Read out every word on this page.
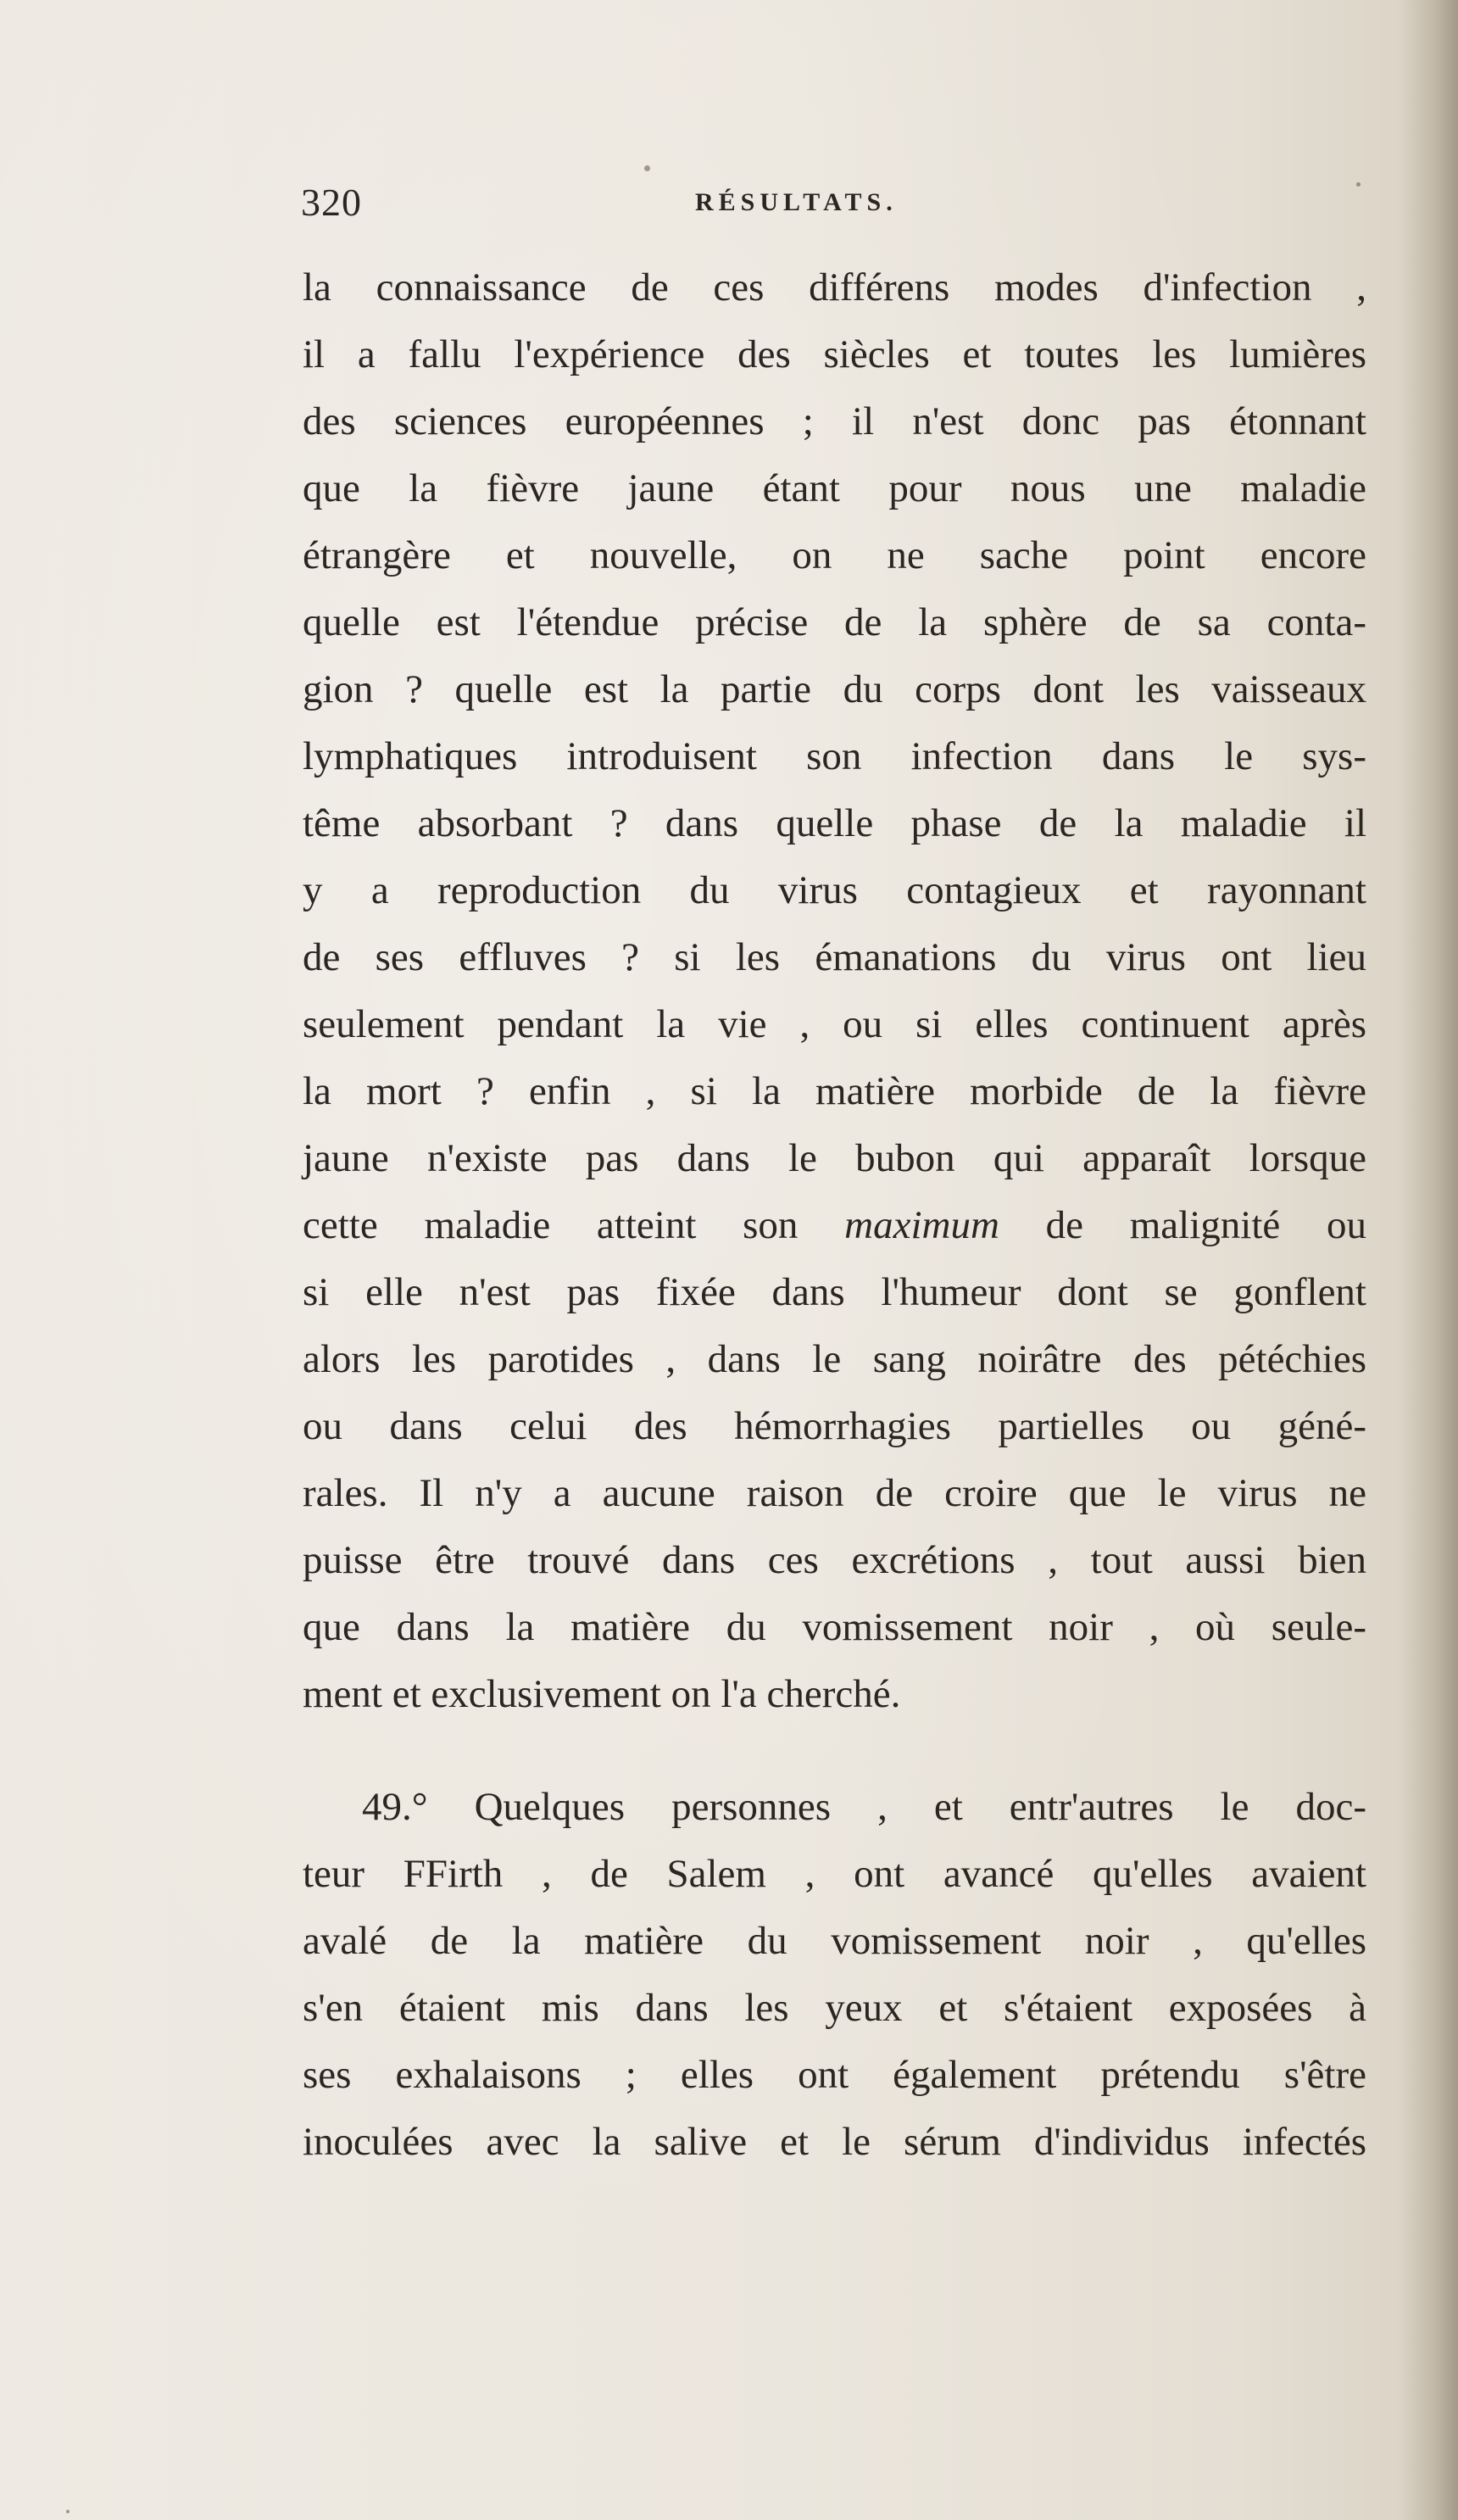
320	RÉSULTATS.
la connaissance de ces différens modes d'infection ,
il a fallu l'expérience des siècles et toutes les lumières
des sciences européennes ; il n'est donc pas étonnant
que la fièvre jaune étant pour nous une maladie
étrangère et nouvelle, on ne sache point encore
quelle est l'étendue précise de la sphère de sa conta-
gion ? quelle est la partie du corps dont les vaisseaux
lymphatiques introduisent son infection dans le sys-
tême absorbant ? dans quelle phase de la maladie il
y a reproduction du virus contagieux et rayonnant
de ses effluves ? si les émanations du virus ont lieu
seulement pendant la vie , ou si elles continuent après
la mort ? enfin , si la matière morbide de la fièvre
jaune n'existe pas dans le bubon qui apparaît lorsque
cette maladie atteint son maximum de malignité ou
si elle n'est pas fixée dans l'humeur dont se gonflent
alors les parotides , dans le sang noirâtre des pétéchies
ou dans celui des hémorrhagies partielles ou géné-
rales. Il n'y a aucune raison de croire que le virus ne
puisse être trouvé dans ces excrétions , tout aussi bien
que dans la matière du vomissement noir , où seule-
ment et exclusivement on l'a cherché.
49.° Quelques personnes , et entr'autres le doc-
teur FFirth , de Salem , ont avancé qu'elles avaient
avalé de la matière du vomissement noir , qu'elles
s'en étaient mis dans les yeux et s'étaient exposées à
ses exhalaisons ; elles ont également prétendu s'être
inoculées avec la salive et le sérum d'individus infectés
